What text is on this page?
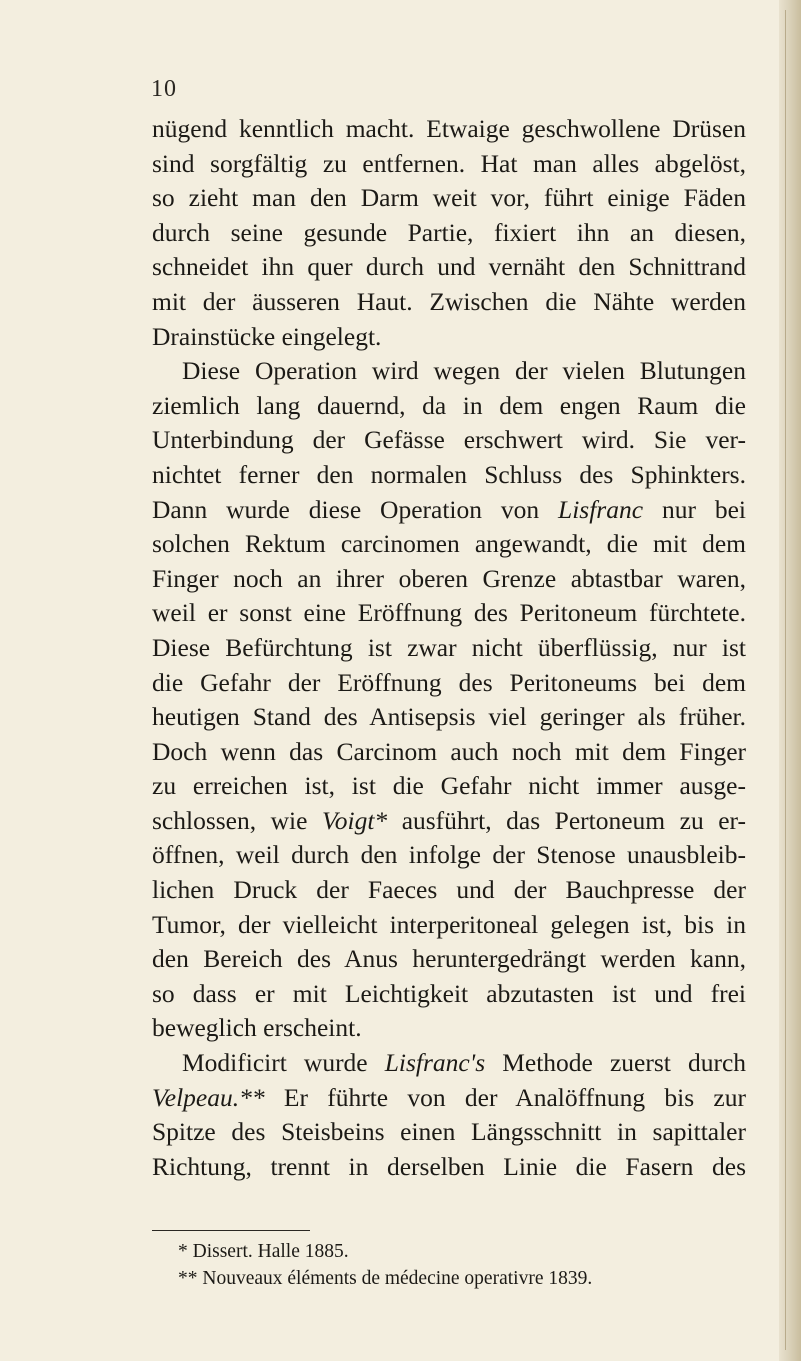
10
nügend kenntlich macht. Etwaige geschwollene Drüsen
sind sorgfältig zu entfernen. Hat man alles abgelöst,
so zieht man den Darm weit vor, führt einige Fäden
durch seine gesunde Partie, fixiert ihn an diesen,
schneidet ihn quer durch und vernäht den Schnittrand
mit der äusseren Haut. Zwischen die Nähte werden
Drainstücke eingelegt.
Diese Operation wird wegen der vielen Blutungen
ziemlich lang dauernd, da in dem engen Raum die
Unterbindung der Gefässe erschwert wird. Sie ver-
nichtet ferner den normalen Schluss des Sphinkters.
Dann wurde diese Operation von Lisfranc nur bei
solchen Rektum carcinomen angewandt, die mit dem
Finger noch an ihrer oberen Grenze abtastbar waren,
weil er sonst eine Eröffnung des Peritoneum fürchtete.
Diese Befürchtung ist zwar nicht überflüssig, nur ist
die Gefahr der Eröffnung des Peritoneums bei dem
heutigen Stand des Antisepsis viel geringer als früher.
Doch wenn das Carcinom auch noch mit dem Finger
zu erreichen ist, ist die Gefahr nicht immer ausge-
schlossen, wie Voigt* ausführt, das Pertoneum zu er-
öffnen, weil durch den infolge der Stenose unausbleib-
lichen Druck der Faeces und der Bauchpresse der
Tumor, der vielleicht interperitoneal gelegen ist, bis in
den Bereich des Anus heruntergedrängt werden kann,
so dass er mit Leichtigkeit abzutasten ist und frei
beweglich erscheint.
Modificirt wurde Lisfranc's Methode zuerst durch
Velpeau.** Er führte von der Analöffnung bis zur
Spitze des Steisbeins einen Längsschnitt in sapittaler
Richtung, trennt in derselben Linie die Fasern des
* Dissert. Halle 1885.
** Nouveaux éléments de médecine operativre 1839.
